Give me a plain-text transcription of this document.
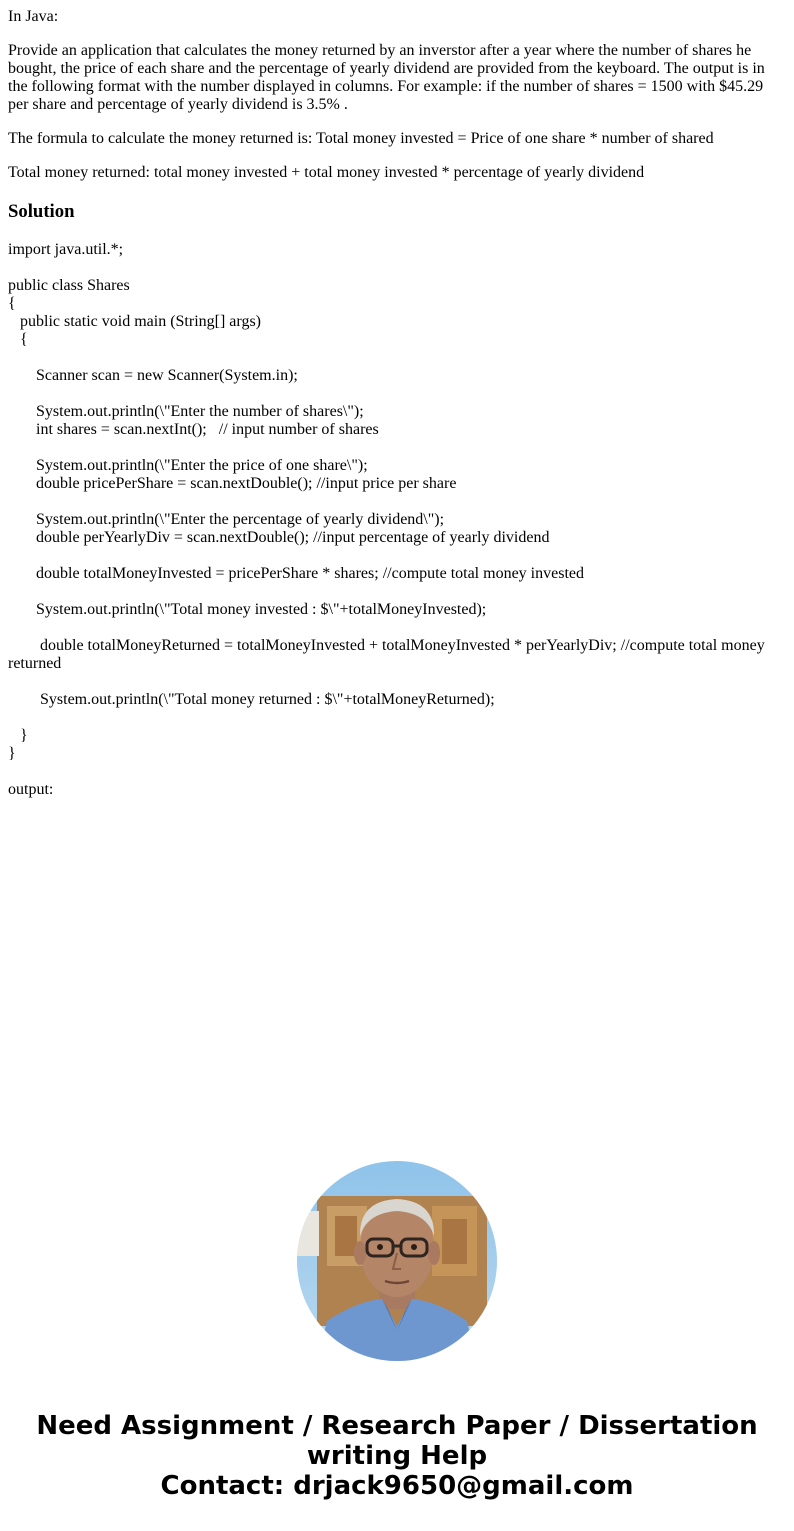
In Java:

Provide an application that calculates the money returned by an inverstor after a year where the number of shares he bought, the price of each share and the percentage of yearly dividend are provided from the keyboard. The output is in the following format with the number displayed in columns. For example: if the number of shares = 1500 with $45.29 per share and percentage of yearly dividend is 3.5% .

The formula to calculate the money returned is: Total money invested = Price of one share * number of shared

Total money returned: total money invested + total money invested * percentage of yearly dividend

Solution
import java.util.*;
public class Shares
{
public static void main (String[] args)
{
Scanner scan = new Scanner(System.in);
System.out.println(\"Enter the number of shares\");
int shares = scan.nextInt();   // input number of shares
System.out.println(\"Enter the price of one share\");
double pricePerShare = scan.nextDouble(); //input price per share
System.out.println(\"Enter the percentage of yearly dividend\");
double perYearlyDiv = scan.nextDouble(); //input percentage of yearly dividend
double totalMoneyInvested = pricePerShare * shares; //compute total money invested
System.out.println(\"Total money invested : $\"+totalMoneyInvested);
double totalMoneyReturned = totalMoneyInvested + totalMoneyInvested * perYearlyDiv; //compute total money returned
System.out.println(\"Total money returned : $\"+totalMoneyReturned);
}
}
output:
Need Assignment / Research Paper / Dissertation
writing Help
Contact: drjack9650@gmail.com
